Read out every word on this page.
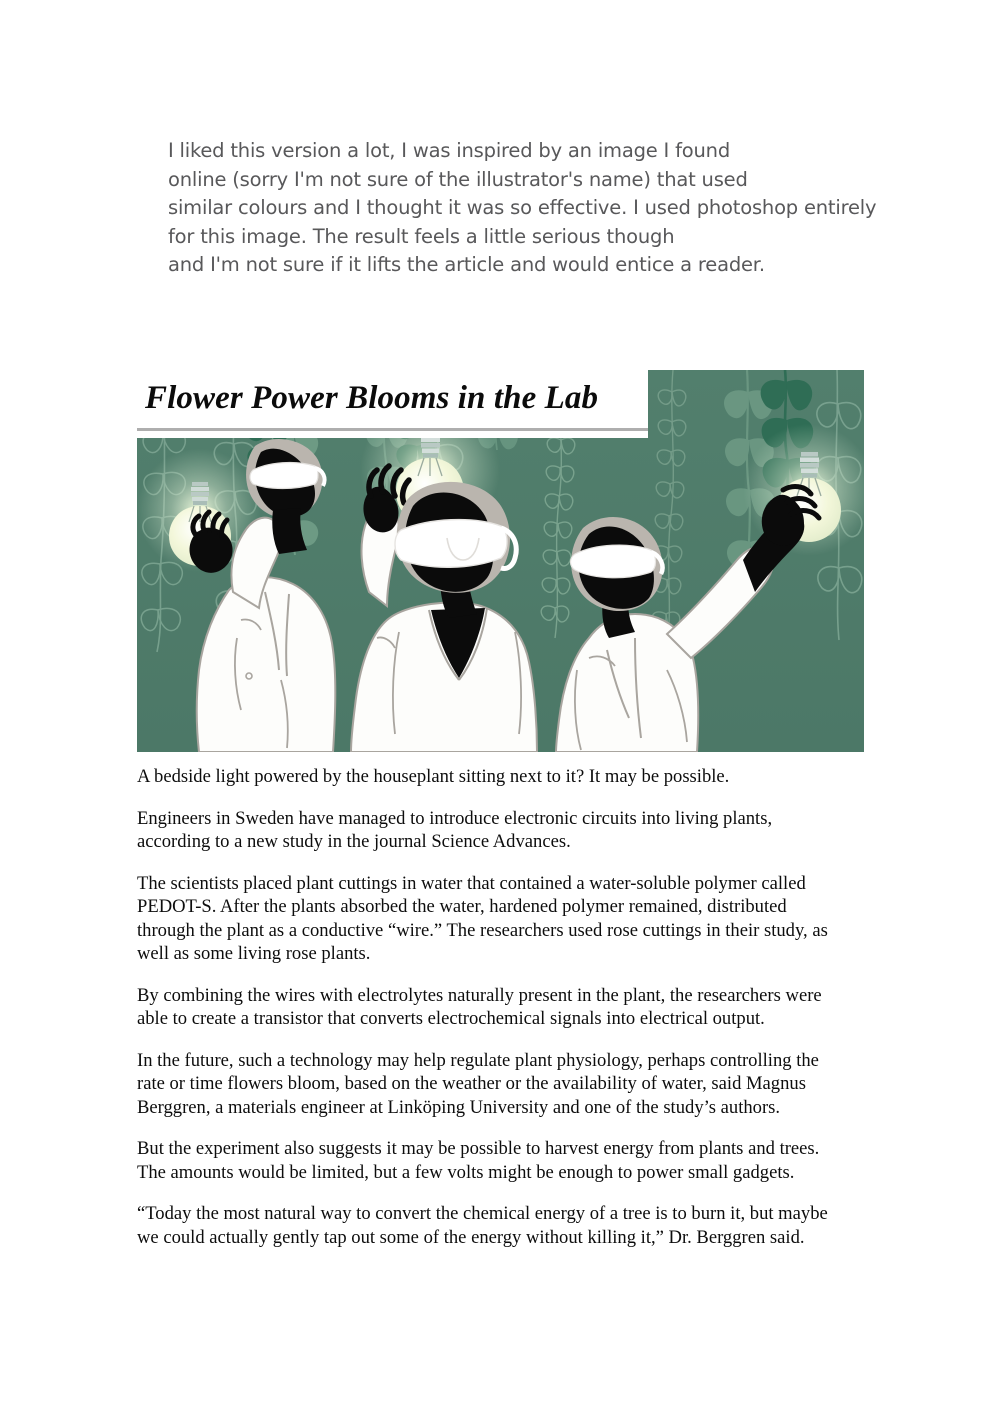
I liked this version a lot, I was inspired by an image I found
online (sorry I'm not sure of the illustrator's name) that used
similar colours and I thought it was so effective. I used photoshop entirely
for this image. The result feels a little serious though
and I'm not sure if it lifts the article and would entice a reader.
Flower Power Blooms in the Lab

A bedside light powered by the houseplant sitting next to it? It may be possible.

Engineers in Sweden have managed to introduce electronic circuits into living plants, according to a new study in the journal Science Advances.

The scientists placed plant cuttings in water that contained a water-soluble polymer called PEDOT-S. After the plants absorbed the water, hardened polymer remained, distributed through the plant as a conductive “wire.” The researchers used rose cuttings in their study, as well as some living rose plants.

By combining the wires with electrolytes naturally present in the plant, the researchers were able to create a transistor that converts electrochemical signals into electrical output.

In the future, such a technology may help regulate plant physiology, perhaps controlling the rate or time flowers bloom, based on the weather or the availability of water, said Magnus Berggren, a materials engineer at Linköping University and one of the study’s authors.

But the experiment also suggests it may be possible to harvest energy from plants and trees. The amounts would be limited, but a few volts might be enough to power small gadgets.

“Today the most natural way to convert the chemical energy of a tree is to burn it, but maybe we could actually gently tap out some of the energy without killing it,” Dr. Berggren said.
